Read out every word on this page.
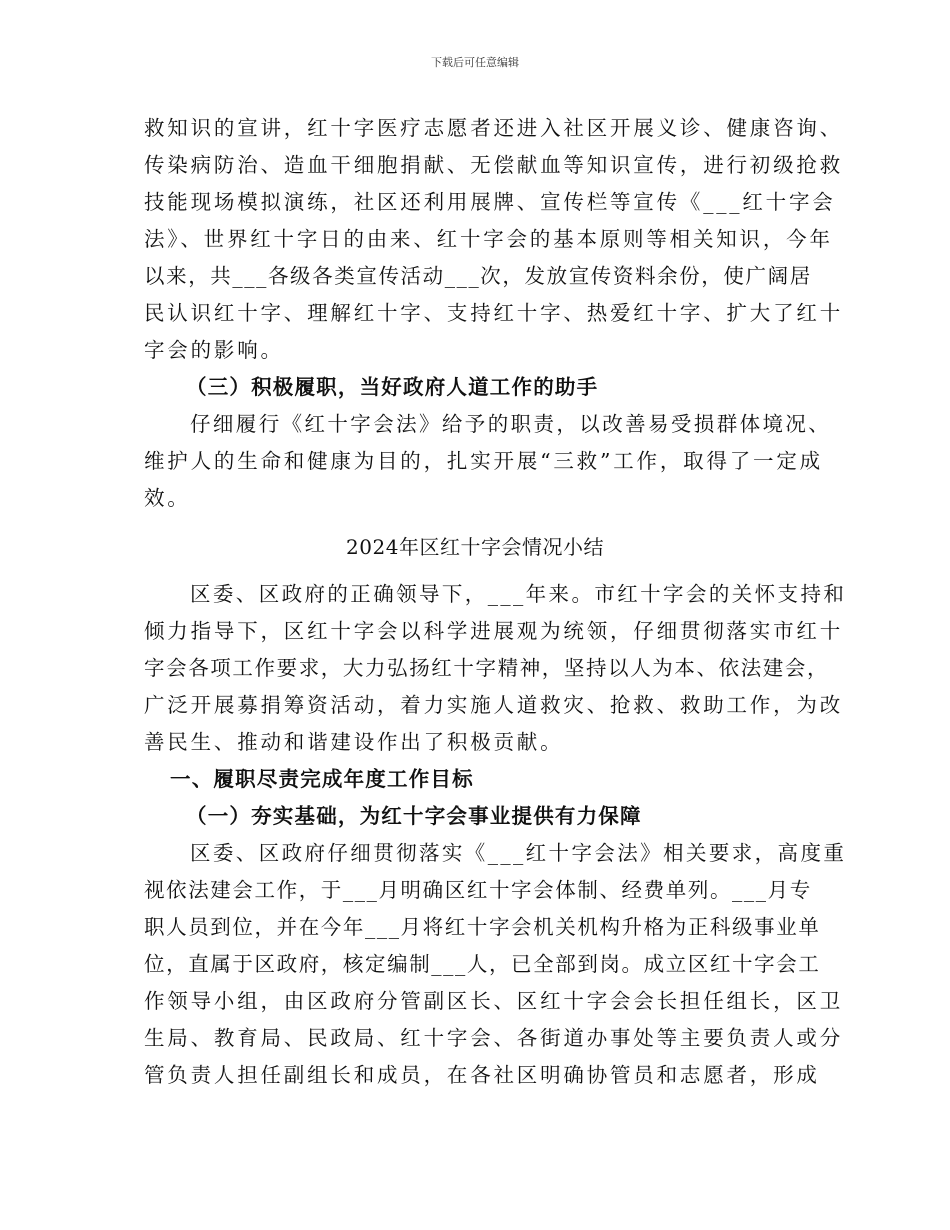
下载后可任意编辑
救知识的宣讲，红十字医疗志愿者还进入社区开展义诊、健康咨询、
传染病防治、造血干细胞捐献、无偿献血等知识宣传，进行初级抢救
技能现场模拟演练，社区还利用展牌、宣传栏等宣传《___红十字会
法》、世界红十字日的由来、红十字会的基本原则等相关知识，今年
以来，共___各级各类宣传活动___次，发放宣传资料余份，使广阔居
民认识红十字、理解红十字、支持红十字、热爱红十字、扩大了红十
字会的影响。
（三）积极履职，当好政府人道工作的助手
仔细履行《红十字会法》给予的职责，以改善易受损群体境况、
维护人的生命和健康为目的，扎实开展“三救”工作，取得了一定成
效。
2024年区红十字会情况小结
区委、区政府的正确领导下，___年来。市红十字会的关怀支持和
倾力指导下，区红十字会以科学进展观为统领，仔细贯彻落实市红十
字会各项工作要求，大力弘扬红十字精神，坚持以人为本、依法建会，
广泛开展募捐筹资活动，着力实施人道救灾、抢救、救助工作，为改
善民生、推动和谐建设作出了积极贡献。
一、履职尽责完成年度工作目标
（一）夯实基础，为红十字会事业提供有力保障
区委、区政府仔细贯彻落实《___红十字会法》相关要求，高度重
视依法建会工作，于___月明确区红十字会体制、经费单列。___月专
职人员到位，并在今年___月将红十字会机关机构升格为正科级事业单
位，直属于区政府，核定编制___人，已全部到岗。成立区红十字会工
作领导小组，由区政府分管副区长、区红十字会会长担任组长，区卫
生局、教育局、民政局、红十字会、各街道办事处等主要负责人或分
管负责人担任副组长和成员，在各社区明确协管员和志愿者，形成
